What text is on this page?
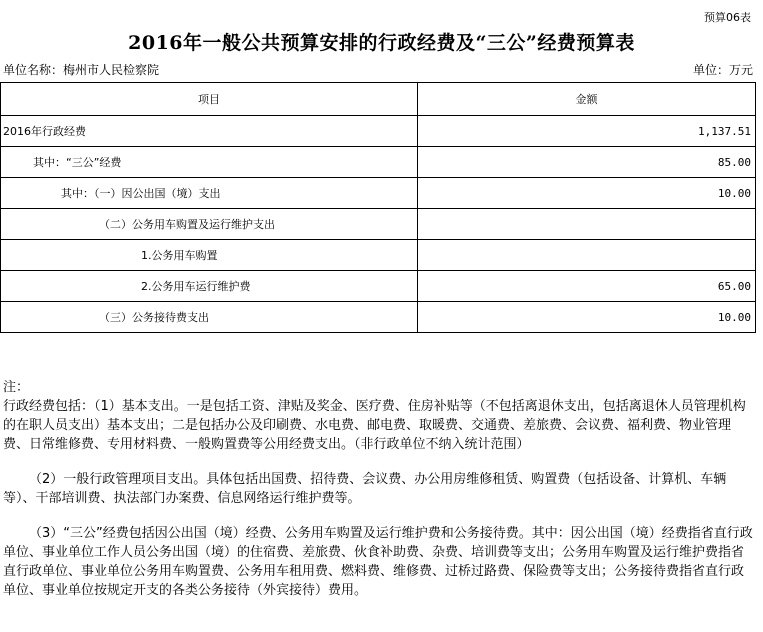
预算06表
2016年一般公共预算安排的行政经费及“三公”经费预算表
单位名称：梅州市人民检察院	单位：万元
项目	金额
2016年行政经费	1,137.51
其中：“三公”经费	85.00
其中：（一）因公出国（境）支出	10.00
（二）公务用车购置及运行维护支出	
1.公务用车购置	
2.公务用车运行维护费	65.00
（三）公务接待费支出	10.00

注：

行政经费包括：（1）基本支出。一是包括工资、津贴及奖金、医疗费、住房补贴等（不包括离退休支出，包括离退休人员管理机构的在职人员支出）基本支出；二是包括办公及印刷费、水电费、邮电费、取暖费、交通费、差旅费、会议费、福利费、物业管理费、日常维修费、专用材料费、一般购置费等公用经费支出。（非行政单位不纳入统计范围）

（2）一般行政管理项目支出。具体包括出国费、招待费、会议费、办公用房维修租赁、购置费（包括设备、计算机、车辆等）、干部培训费、执法部门办案费、信息网络运行维护费等。

（3）“三公”经费包括因公出国（境）经费、公务用车购置及运行维护费和公务接待费。其中：因公出国（境）经费指省直行政单位、事业单位工作人员公务出国（境）的住宿费、差旅费、伙食补助费、杂费、培训费等支出；公务用车购置及运行维护费指省直行政单位、事业单位公务用车购置费、公务用车租用费、燃料费、维修费、过桥过路费、保险费等支出；公务接待费指省直行政单位、事业单位按规定开支的各类公务接待（外宾接待）费用。
